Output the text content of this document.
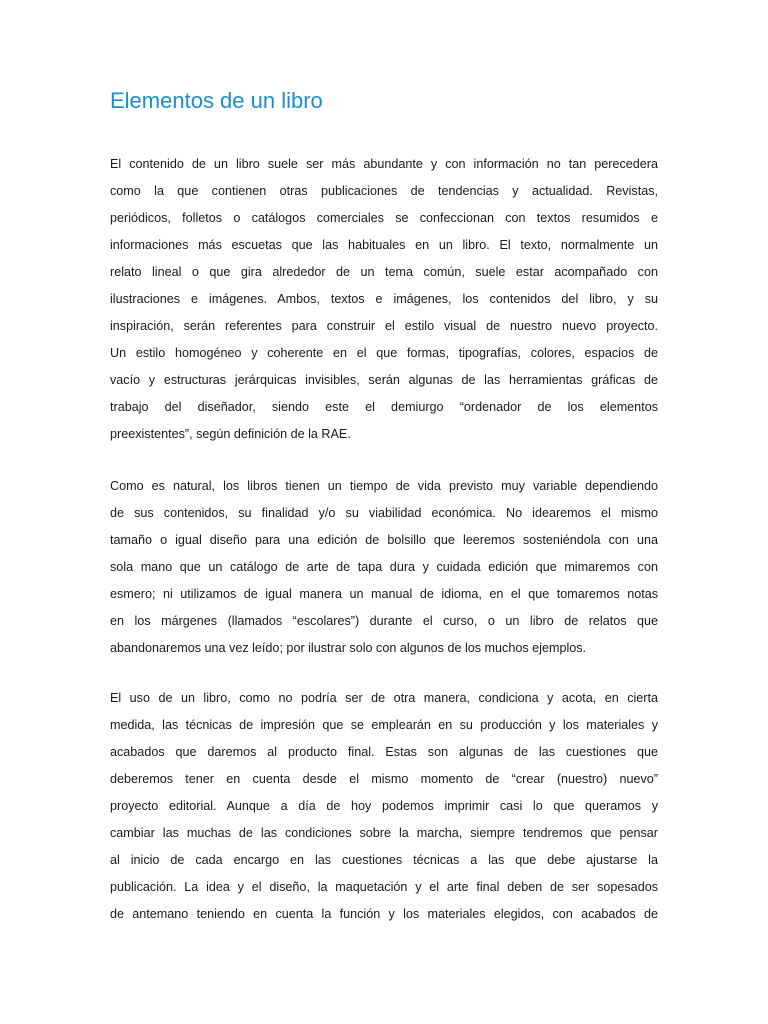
Elementos de un libro

El contenido de un libro suele ser más abundante y con información no tan perecedera
como la que contienen otras publicaciones de tendencias y actualidad. Revistas,
periódicos, folletos o catálogos comerciales se confeccionan con textos resumidos e
informaciones más escuetas que las habituales en un libro. El texto, normalmente un
relato lineal o que gira alrededor de un tema común, suele estar acompañado con
ilustraciones e imágenes. Ambos, textos e imágenes, los contenidos del libro, y su
inspiración, serán referentes para construir el estilo visual de nuestro nuevo proyecto.
Un estilo homogéneo y coherente en el que formas, tipografías, colores, espacios de
vacío y estructuras jerárquicas invisibles, serán algunas de las herramientas gráficas de
trabajo del diseñador, siendo este el demiurgo “ordenador de los elementos
preexistentes”, según definición de la RAE.

Como es natural, los libros tienen un tiempo de vida previsto muy variable dependiendo
de sus contenidos, su finalidad y/o su viabilidad económica. No idearemos el mismo
tamaño o igual diseño para una edición de bolsillo que leeremos sosteniéndola con una
sola mano que un catálogo de arte de tapa dura y cuidada edición que mimaremos con
esmero; ni utilizamos de igual manera un manual de idioma, en el que tomaremos notas
en los márgenes (llamados “escolares”) durante el curso, o un libro de relatos que
abandonaremos una vez leído; por ilustrar solo con algunos de los muchos ejemplos.

El uso de un libro, como no podría ser de otra manera, condiciona y acota, en cierta
medida, las técnicas de impresión que se emplearán en su producción y los materiales y
acabados que daremos al producto final. Estas son algunas de las cuestiones que
deberemos tener en cuenta desde el mismo momento de “crear (nuestro) nuevo”
proyecto editorial. Aunque a día de hoy podemos imprimir casi lo que queramos y
cambiar las muchas de las condiciones sobre la marcha, siempre tendremos que pensar
al inicio de cada encargo en las cuestiones técnicas a las que debe ajustarse la
publicación. La idea y el diseño, la maquetación y el arte final deben de ser sopesados
de antemano teniendo en cuenta la función y los materiales elegidos, con acabados de
